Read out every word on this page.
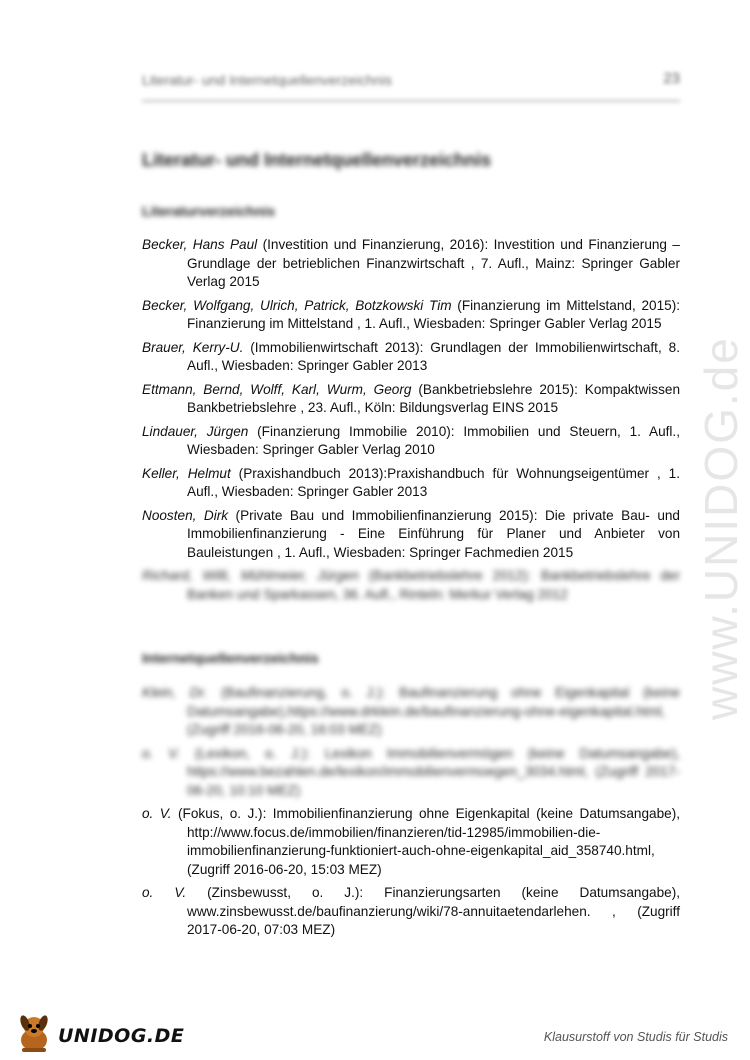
Literatur- und Internetquellenverzeichnis	23
www.UNIDOG.de
Literatur- und Internetquellenverzeichnis
Literaturverzeichnis
Becker, Hans Paul (Investition und Finanzierung, 2016): Investition und Finanzierung – Grundlage der betrieblichen Finanzwirtschaft , 7. Aufl., Mainz: Springer Gabler Verlag 2015
Becker, Wolfgang, Ulrich, Patrick, Botzkowski Tim (Finanzierung im Mittelstand, 2015): Finanzierung im Mittelstand , 1. Aufl., Wiesbaden: Springer Gabler Verlag 2015
Brauer, Kerry-U. (Immobilienwirtschaft 2013): Grundlagen der Immobilienwirtschaft, 8. Aufl., Wiesbaden: Springer Gabler 2013
Ettmann, Bernd, Wolff, Karl, Wurm, Georg (Bankbetriebslehre 2015): Kompaktwissen Bankbetriebslehre , 23. Aufl., Köln: Bildungsverlag EINS 2015
Lindauer, Jürgen (Finanzierung Immobilie 2010): Immobilien und Steuern, 1. Aufl., Wiesbaden: Springer Gabler Verlag 2010
Keller, Helmut (Praxishandbuch 2013):Praxishandbuch für Wohnungseigentümer , 1. Aufl., Wiesbaden: Springer Gabler 2013
Noosten, Dirk (Private Bau und Immobilienfinanzierung 2015): Die private Bau- und Immobilienfinanzierung - Eine Einführung für Planer und Anbieter von Bauleistungen , 1. Aufl., Wiesbaden: Springer Fachmedien 2015
Richard, Willi, Mühlmeier, Jürgen (Bankbetriebslehre 2012): Bankbetriebslehre der Banken und Sparkassen, 36. Aufl., Rinteln: Merkur Verlag 2012
Internetquellenverzeichnis
Klein, Dr. (Baufinanzierung, o. J.): Baufinanzierung ohne Eigenkapital (keine Datumsangabe),https://www.drklein.de/baufinanzierung-ohne-eigenkapital.html, (Zugriff 2016-06-20, 16:03 MEZ)
o. V. (Lexikon, o. J.): Lexikon Immobilienvermögen (keine Datumsangabe), https://www.bezahlen.de/lexikon/immobilienvermoegen_3034.html, (Zugriff 2017-06-20, 10:10 MEZ)
o. V. (Fokus, o. J.): Immobilienfinanzierung ohne Eigenkapital (keine Datumsangabe), http://www.focus.de/immobilien/finanzieren/tid-12985/immobilien-die-immobilienfinanzierung-funktioniert-auch-ohne-eigenkapital_aid_358740.html, (Zugriff 2016-06-20, 15:03 MEZ)
o. V. (Zinsbewusst, o. J.): Finanzierungsarten (keine Datumsangabe), www.zinsbewusst.de/baufinanzierung/wiki/78-annuitaetendarlehen. , (Zugriff 2017-06-20, 07:03 MEZ)
UNIDOG.DE	Klausurstoff von Studis für Studis
